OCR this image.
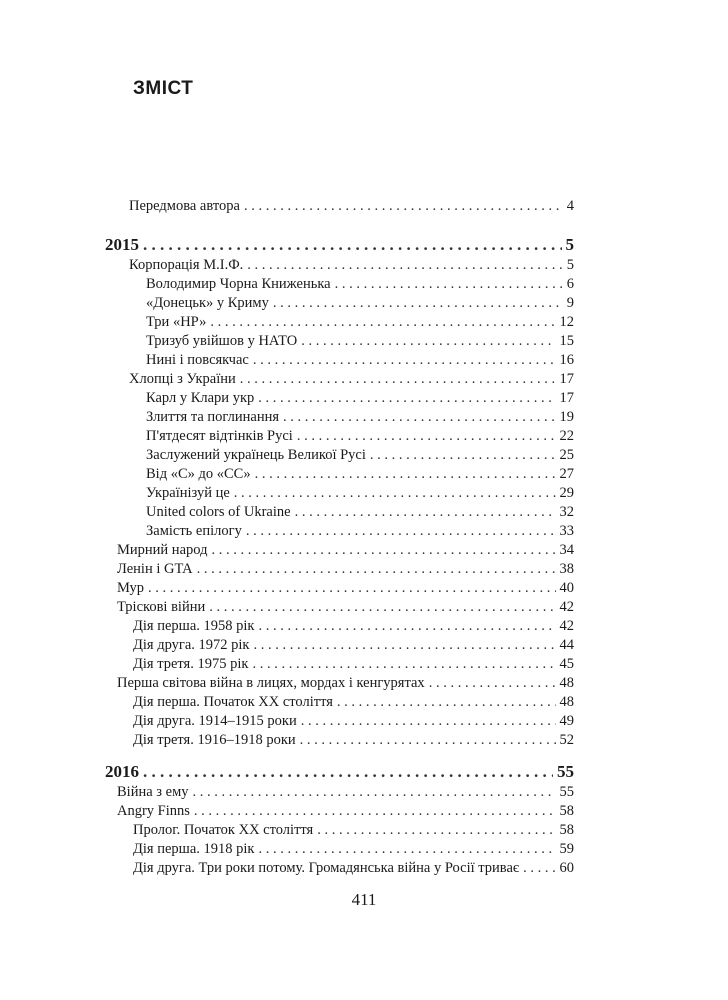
ЗМІСТ
Передмова автора . . .	4
2015 . . .	5
Корпорація М.І.Ф. . . .	5
Володимир Чорна Книженька . . .	6
«Донецьк» у Криму . . .	9
Три «НР» . . .	12
Тризуб увійшов у НАТО . . .	15
Нині і повсякчас . . .	16
Хлопці з України . . .	17
Карл у Клари укр . . .	17
Злиття та поглинання . . .	19
П'ятдесят відтінків Русі . . .	22
Заслужений українець Великої Русі . . .	25
Від «С» до «СС» . . .	27
Українізуй це . . .	29
United colors of Ukraine . . .	32
Замість епілогу . . .	33
Мирний народ . . .	34
Ленін і GTA . . .	38
Мур . . .	40
Тріскові війни . . .	42
Дія перша. 1958 рік . . .	42
Дія друга. 1972 рік . . .	44
Дія третя. 1975 рік . . .	45
Перша світова війна в лицях, мордах і кенгурятах . . .	48
Дія перша. Початок ХХ століття . . .	48
Дія друга. 1914–1915 роки . . .	49
Дія третя. 1916–1918 роки . . .	52
2016 . . .	55
Війна з ему . . .	55
Angry Finns . . .	58
Пролог. Початок ХХ століття . . .	58
Дія перша. 1918 рік . . .	59
Дія друга. Три роки потому. Громадянська війна у Росії триває . . .	60
411
